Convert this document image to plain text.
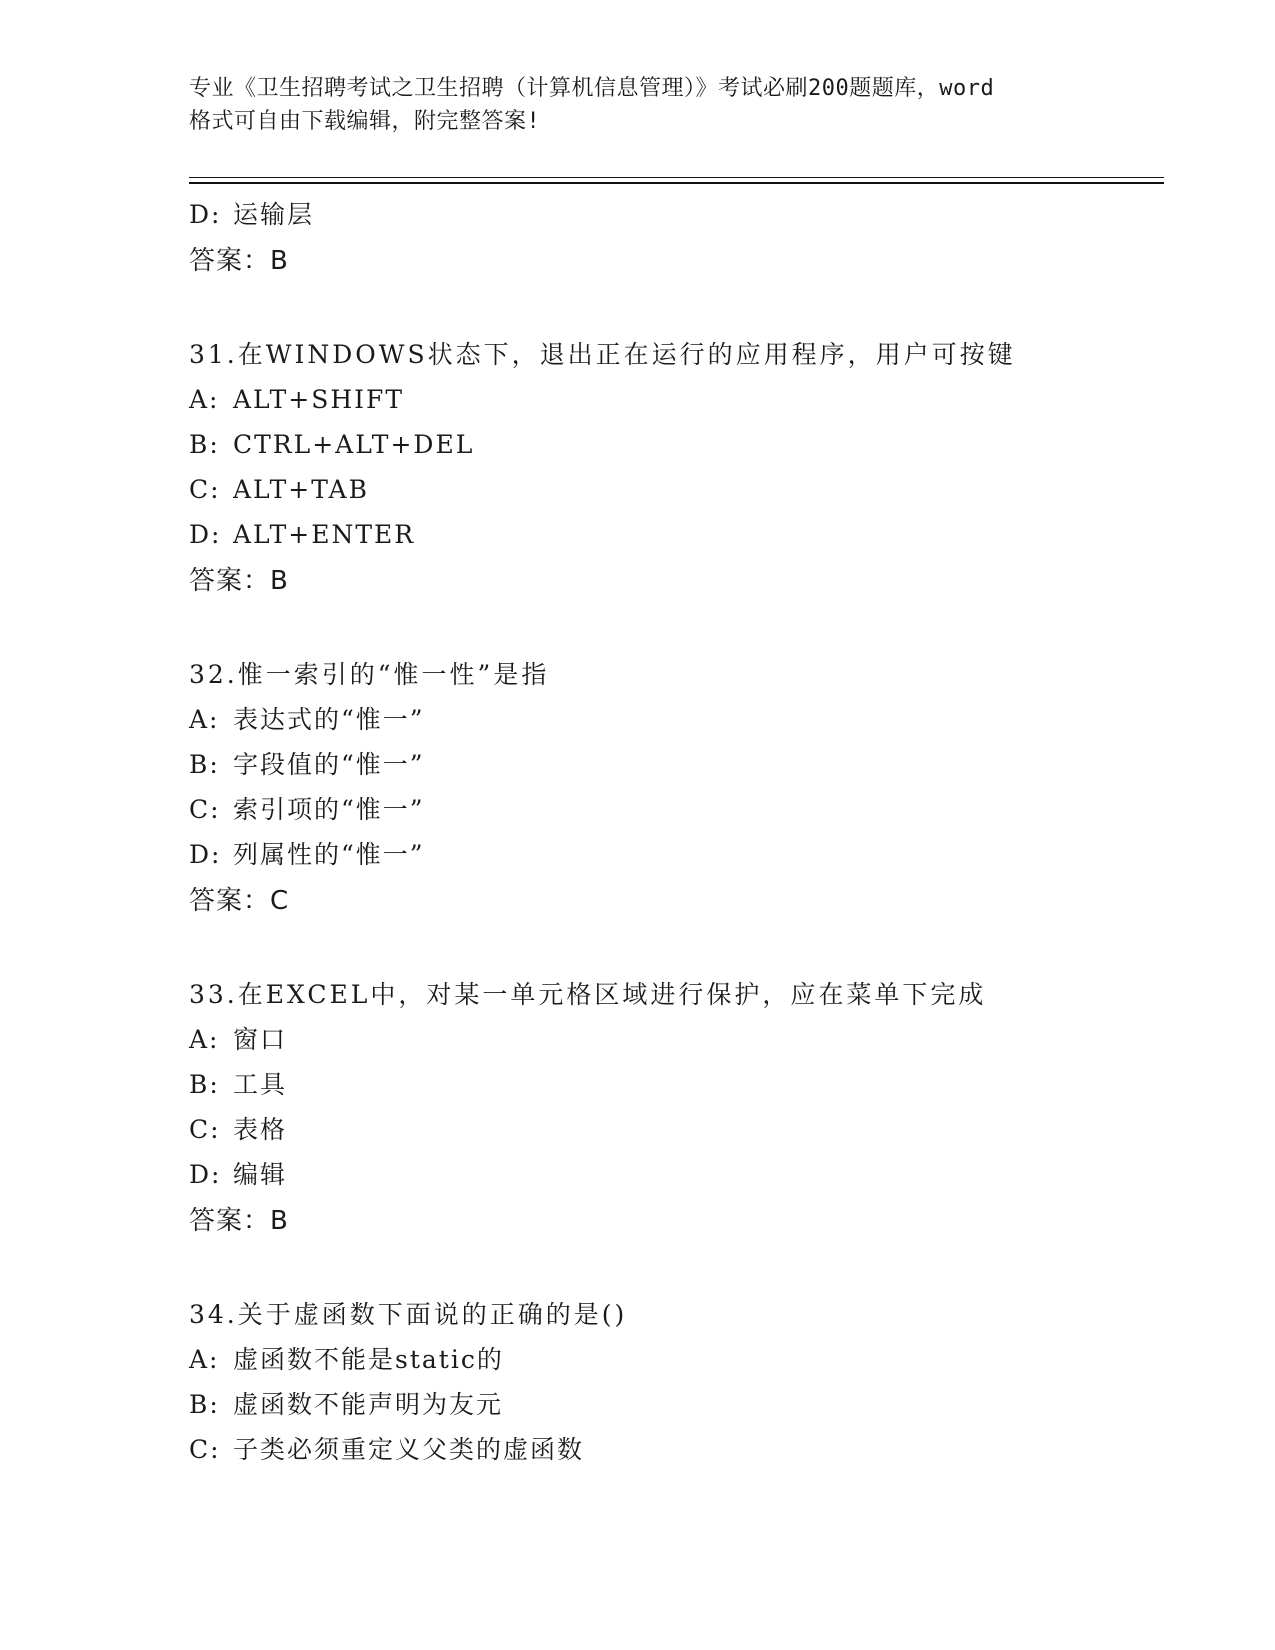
专业《卫生招聘考试之卫生招聘（计算机信息管理）》考试必刷200题题库，word
格式可自由下载编辑，附完整答案!
D: 运输层
答案：B
31.在WINDOWS状态下，退出正在运行的应用程序，用户可按键
A: ALT+SHIFT
B: CTRL+ALT+DEL
C: ALT+TAB
D: ALT+ENTER
答案：B
32.惟一索引的“惟一性”是指
A: 表达式的“惟一”
B: 字段值的“惟一”
C: 索引项的“惟一”
D: 列属性的“惟一”
答案：C
33.在EXCEL中，对某一单元格区域进行保护，应在菜单下完成
A: 窗口
B: 工具
C: 表格
D: 编辑
答案：B
34.关于虚函数下面说的正确的是()
A: 虚函数不能是static的
B: 虚函数不能声明为友元
C: 子类必须重定义父类的虚函数
